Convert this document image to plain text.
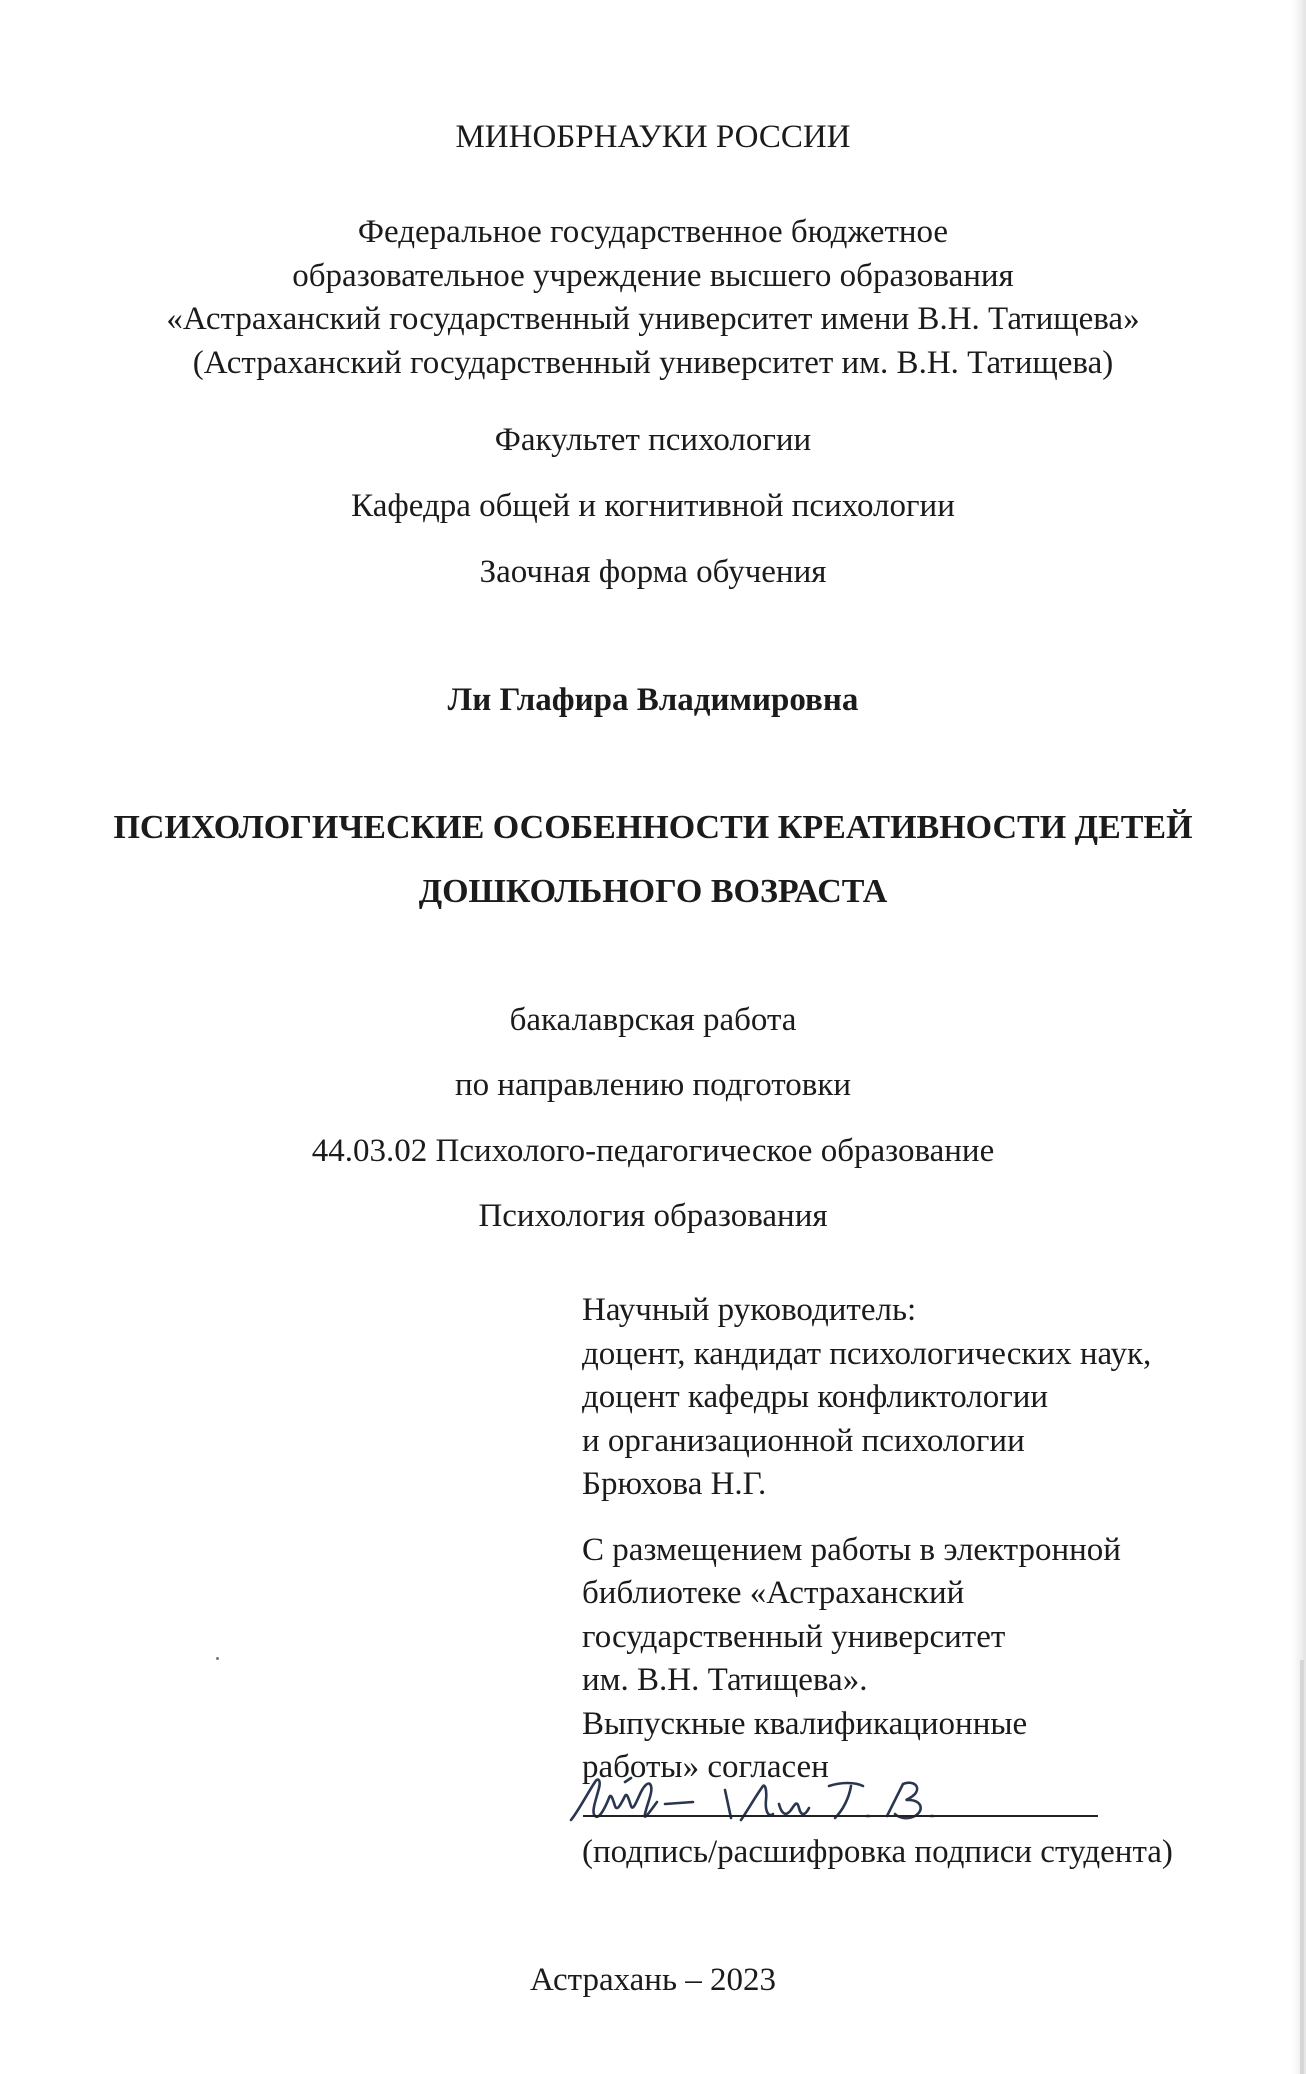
МИНОБРНАУКИ РОССИИ
Федеральное государственное бюджетное
образовательное учреждение высшего образования
«Астраханский государственный университет имени В.Н. Татищева»
(Астраханский государственный университет им. В.Н. Татищева)
Факультет психологии
Кафедра общей и когнитивной психологии
Заочная форма обучения
Ли Глафира Владимировна
ПСИХОЛОГИЧЕСКИЕ ОСОБЕННОСТИ КРЕАТИВНОСТИ ДЕТЕЙ
ДОШКОЛЬНОГО ВОЗРАСТА
бакалаврская работа
по направлению подготовки
44.03.02 Психолого-педагогическое образование
Психология образования
Научный руководитель:
доцент, кандидат психологических наук,
доцент кафедры конфликтологии
и организационной психологии
Брюхова Н.Г.
С размещением работы в электронной
библиотеке «Астраханский
государственный университет
им. В.Н. Татищева».
Выпускные квалификационные
работы» согласен
(подпись/расшифровка подписи студента)
Астрахань – 2023
